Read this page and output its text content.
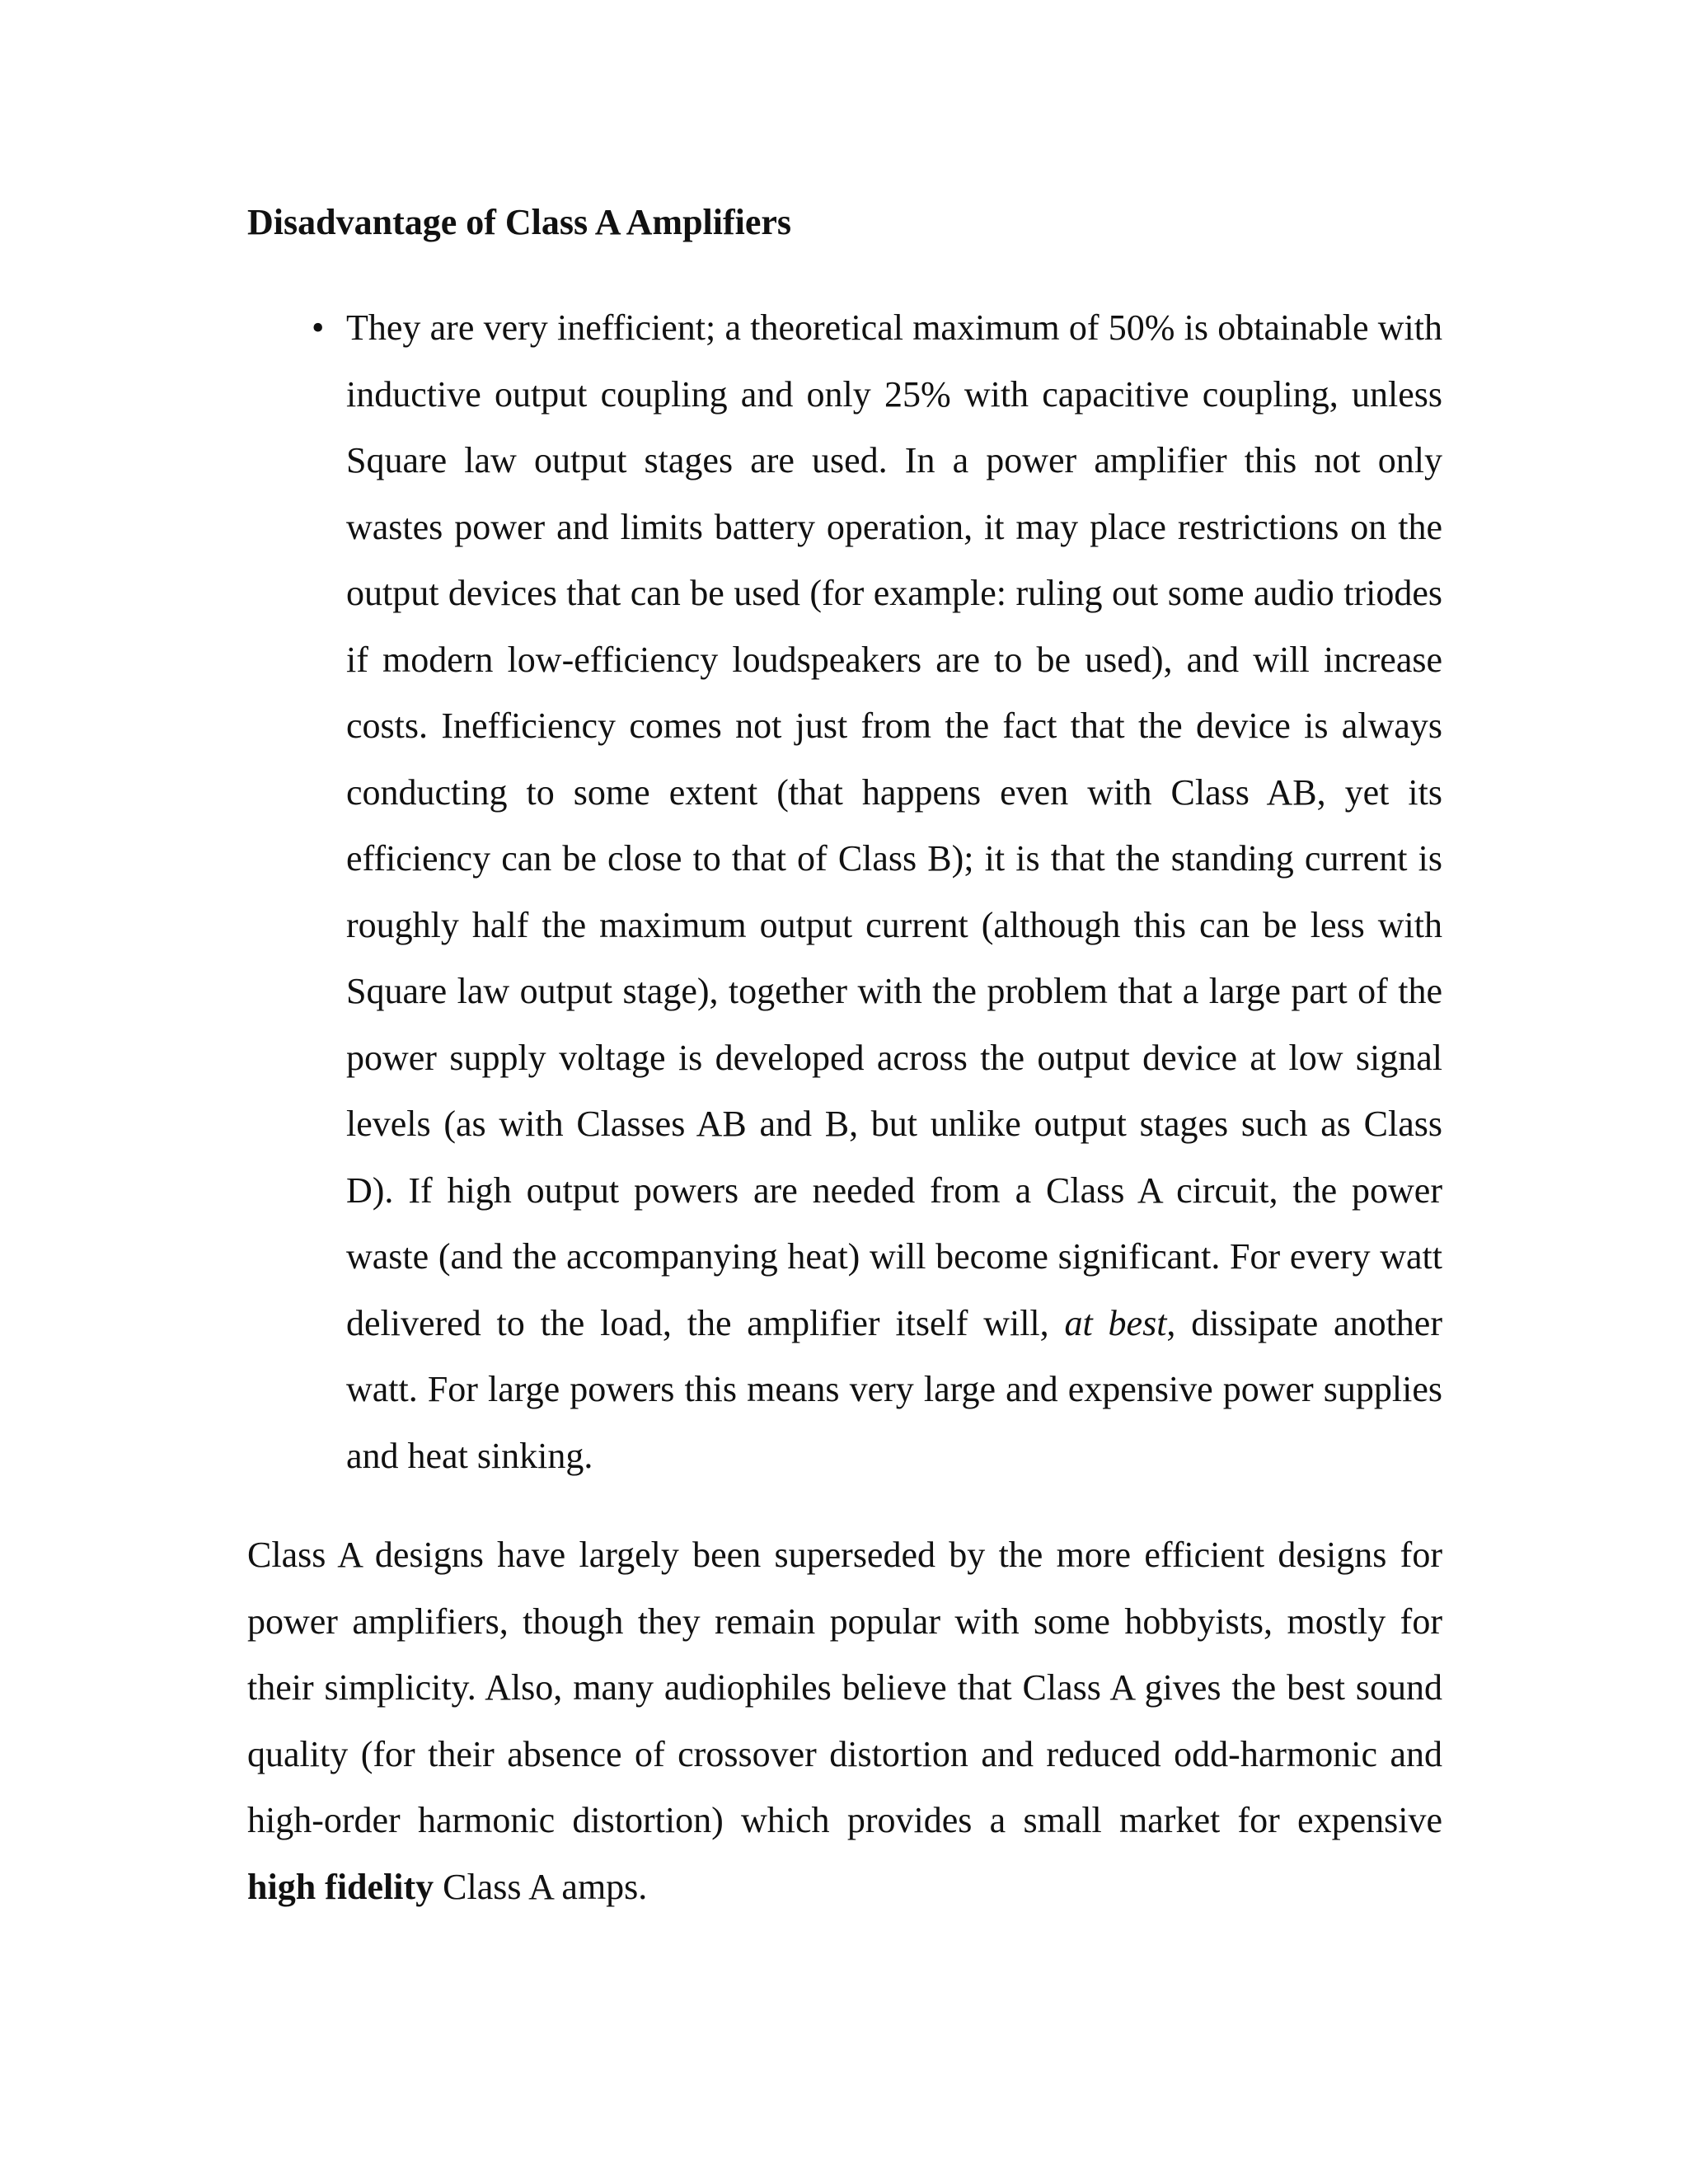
Disadvantage of Class A Amplifiers
• They are very inefficient; a theoretical maximum of 50% is obtainable with inductive output coupling and only 25% with capacitive coupling, unless Square law output stages are used. In a power amplifier this not only wastes power and limits battery operation, it may place restrictions on the output devices that can be used (for example: ruling out some audio triodes if modern low-efficiency loudspeakers are to be used), and will increase costs. Inefficiency comes not just from the fact that the device is always conducting to some extent (that happens even with Class AB, yet its efficiency can be close to that of Class B); it is that the standing current is roughly half the maximum output current (although this can be less with Square law output stage), together with the problem that a large part of the power supply voltage is developed across the output device at low signal levels (as with Classes AB and B, but unlike output stages such as Class D). If high output powers are needed from a Class A circuit, the power waste (and the accompanying heat) will become significant. For every watt delivered to the load, the amplifier itself will, at best, dissipate another watt. For large powers this means very large and expensive power supplies and heat sinking.

Class A designs have largely been superseded by the more efficient designs for power amplifiers, though they remain popular with some hobbyists, mostly for their simplicity. Also, many audiophiles believe that Class A gives the best sound quality (for their absence of crossover distortion and reduced odd-harmonic and high-order harmonic distortion) which provides a small market for expensive high fidelity Class A amps.
